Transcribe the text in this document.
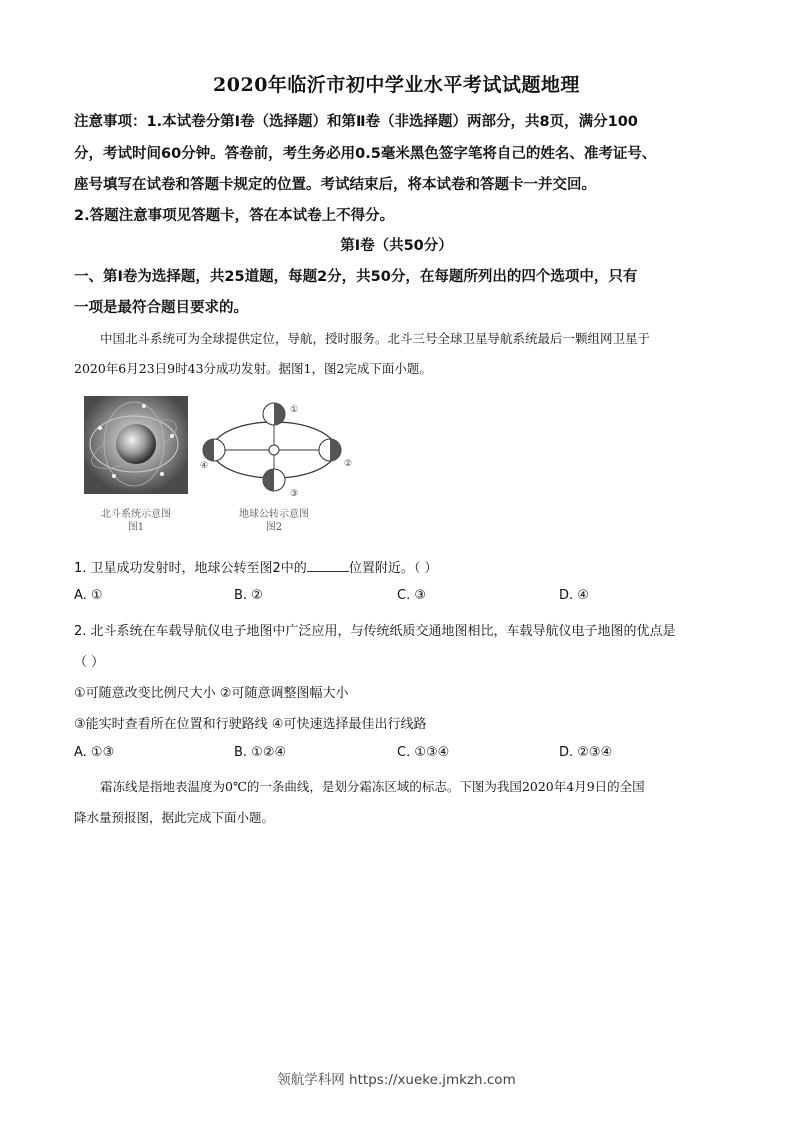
2020年临沂市初中学业水平考试试题地理
注意事项：1.本试卷分第Ⅰ卷（选择题）和第Ⅱ卷（非选择题）两部分，共8页，满分100
分，考试时间60分钟。答卷前，考生务必用0.5毫米黑色签字笔将自己的姓名、准考证号、
座号填写在试卷和答题卡规定的位置。考试结束后，将本试卷和答题卡一并交回。
2.答题注意事项见答题卡，答在本试卷上不得分。
第Ⅰ卷（共50分）
一、第Ⅰ卷为选择题，共25道题，每题2分，共50分，在每题所列出的四个选项中，只有
一项是最符合题目要求的。
中国北斗系统可为全球提供定位，导航，授时服务。北斗三号全球卫星导航系统最后一颗组网卫星于
2020年6月23日9时43分成功发射。据图1，图2完成下面小题。
北斗系统示意图
图1
①
②
③
④
地球公转示意图
图2
1. 卫星成功发射时，地球公转至图2中的	位置附近。（ ）
A. ①	B. ②	C. ③	D. ④
2. 北斗系统在车载导航仪电子地图中广泛应用，与传统纸质交通地图相比，车载导航仪电子地图的优点是
（ ）
①可随意改变比例尺大小 ②可随意调整图幅大小
③能实时查看所在位置和行驶路线 ④可快速选择最佳出行线路
A. ①③	B. ①②④	C. ①③④	D. ②③④
霜冻线是指地表温度为0℃的一条曲线，是划分霜冻区域的标志。下图为我国2020年4月9日的全国
降水量预报图，据此完成下面小题。
领航学科网 https://xueke.jmkzh.com
